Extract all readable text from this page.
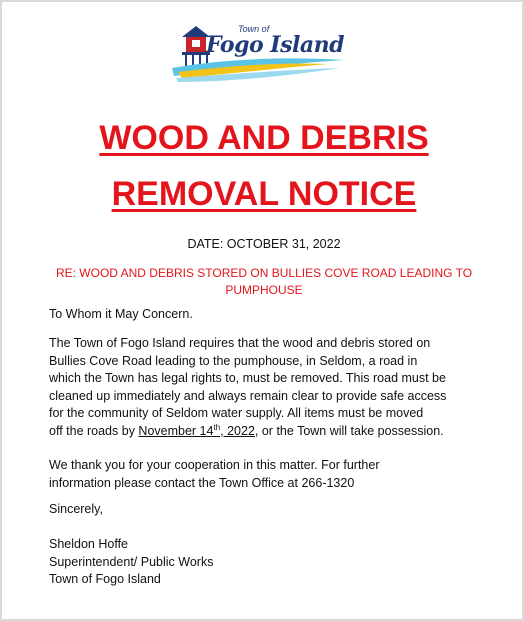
Town of
Fogo Island
WOOD AND DEBRIS
REMOVAL NOTICE
DATE: OCTOBER 31, 2022
RE: WOOD AND DEBRIS STORED ON BULLIES COVE ROAD LEADING TO PUMPHOUSE
To Whom it May Concern.
The Town of Fogo Island requires that the wood and debris stored on
Bullies Cove Road leading to the pumphouse, in Seldom, a road in
which the Town has legal rights to, must be removed. This road must be
cleaned up immediately and always remain clear to provide safe access
for the community of Seldom water supply. All items must be moved
off the roads by November 14th, 2022, or the Town will take possession.
We thank you for your cooperation in this matter. For further
information please contact the Town Office at 266-1320
Sincerely,
Sheldon Hoffe
Superintendent/ Public Works
Town of Fogo Island
